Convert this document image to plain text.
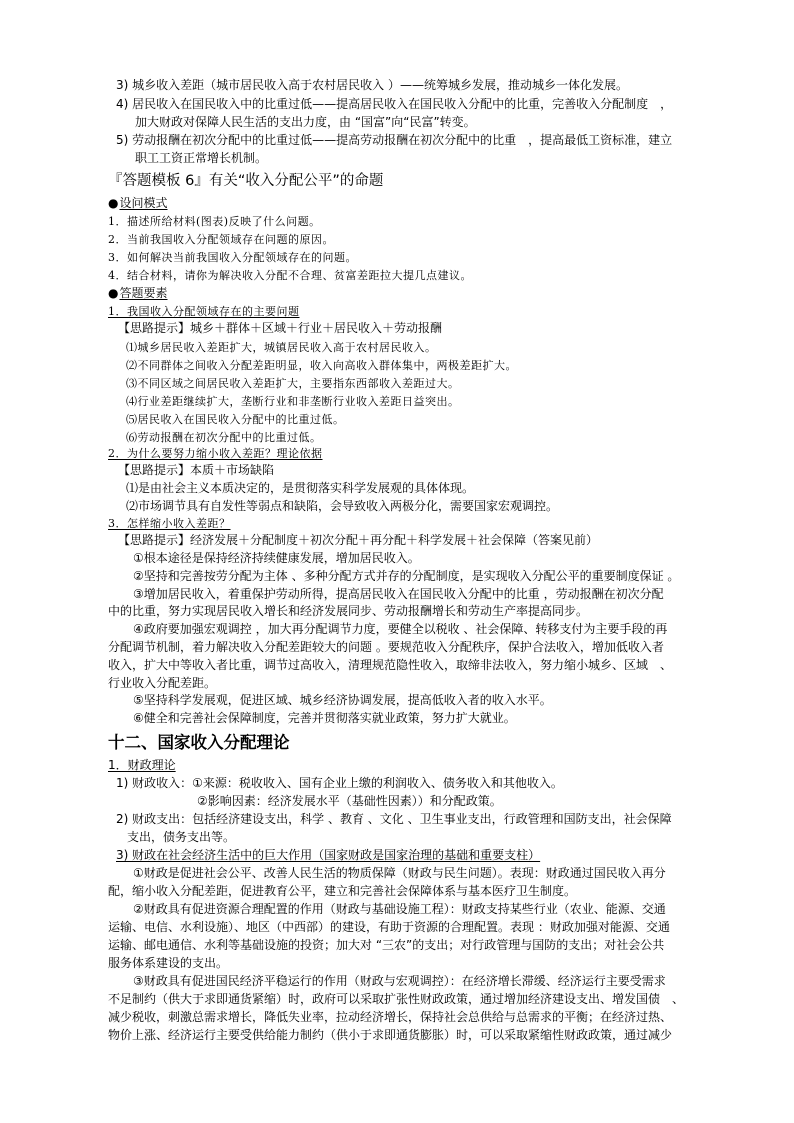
3) 城乡收入差距（城市居民收入高于农村居民收入 ）——统筹城乡发展，推动城乡一体化发展。
4) 居民收入在国民收入中的比重过低——提高居民收入在国民收入分配中的比重，完善收入分配制度　，
加大财政对保障人民生活的支出力度，由 “国富”向“民富”转变。
5) 劳动报酬在初次分配中的比重过低——提高劳动报酬在初次分配中的比重　，提高最低工资标准，建立
职工工资正常增长机制。
『答题模板 6』有关“收入分配公平”的命题
● 设问模式
1．描述所给材料(图表)反映了什么问题。
2．当前我国收入分配领域存在问题的原因。
3．如何解决当前我国收入分配领域存在的问题。
4．结合材料，请你为解决收入分配不合理、贫富差距拉大提几点建议。
● 答题要素
1．我国收入分配领域存在的主要问题
【思路提示】城乡＋群体＋区域＋行业＋居民收入＋劳动报酬
⑴城乡居民收入差距扩大，城镇居民收入高于农村居民收入。
⑵不同群体之间收入分配差距明显，收入向高收入群体集中，两极差距扩大。
⑶不同区域之间居民收入差距扩大，主要指东西部收入差距过大。
⑷行业差距继续扩大，垄断行业和非垄断行业收入差距日益突出。
⑸居民收入在国民收入分配中的比重过低。
⑹劳动报酬在初次分配中的比重过低。
2．为什么要努力缩小收入差距？理论依据
【思路提示】本质＋市场缺陷
⑴是由社会主义本质决定的，是贯彻落实科学发展观的具体体现。
⑵市场调节具有自发性等弱点和缺陷，会导致收入两极分化，需要国家宏观调控。
3．怎样缩小收入差距？
【思路提示】经济发展＋分配制度＋初次分配＋再分配＋科学发展＋社会保障（答案见前）
①根本途径是保持经济持续健康发展，增加居民收入。
②坚持和完善按劳分配为主体 、多种分配方式并存的分配制度，是实现收入分配公平的重要制度保证 。
③增加居民收入，着重保护劳动所得，提高居民收入在国民收入分配中的比重 ，劳动报酬在初次分配
中的比重，努力实现居民收入增长和经济发展同步、劳动报酬增长和劳动生产率提高同步。
④政府要加强宏观调控 ，加大再分配调节力度，要健全以税收 、社会保障、转移支付为主要手段的再
分配调节机制，着力解决收入分配差距较大的问题 。要规范收入分配秩序，保护合法收入，增加低收入者
收入，扩大中等收入者比重，调节过高收入，清理规范隐性收入，取缔非法收入，努力缩小城乡、区域　、
行业收入分配差距。
⑤坚持科学发展观，促进区域、城乡经济协调发展，提高低收入者的收入水平。
⑥健全和完善社会保障制度，完善并贯彻落实就业政策，努力扩大就业。
十二、国家收入分配理论
1．财政理论
1) 财政收入：①来源：税收收入、国有企业上缴的利润收入、债务收入和其他收入。
②影响因素：经济发展水平（基础性因素））和分配政策。
2) 财政支出：包括经济建设支出，科学 、教育 、文化 、卫生事业支出，行政管理和国防支出，社会保障
支出，债务支出等。
3) 财政在社会经济生活中的巨大作用（国家财政是国家治理的基础和重要支柱）
①财政是促进社会公平、改善人民生活的物质保障（财政与民生问题）。表现：财政通过国民收入再分
配，缩小收入分配差距，促进教育公平，建立和完善社会保障体系与基本医疗卫生制度。
②财政具有促进资源合理配置的作用（财政与基础设施工程）：财政支持某些行业（农业、能源、交通
运输、电信、水利设施）、地区（中西部）的建设，有助于资源的合理配置。表现 ：财政加强对能源、交通
运输、邮电通信、水利等基础设施的投资；加大对 “三农”的支出；对行政管理与国防的支出；对社会公共
服务体系建设的支出。
③财政具有促进国民经济平稳运行的作用（财政与宏观调控）：在经济增长滞缓、经济运行主要受需求
不足制约（供大于求即通货紧缩）时，政府可以采取扩张性财政政策，通过增加经济建设支出、增发国债　、
减少税收，刺激总需求增长，降低失业率，拉动经济增长，保持社会总供给与总需求的平衡；在经济过热、
物价上涨、经济运行主要受供给能力制约（供小于求即通货膨胀）时，可以采取紧缩性财政政策，通过减少
